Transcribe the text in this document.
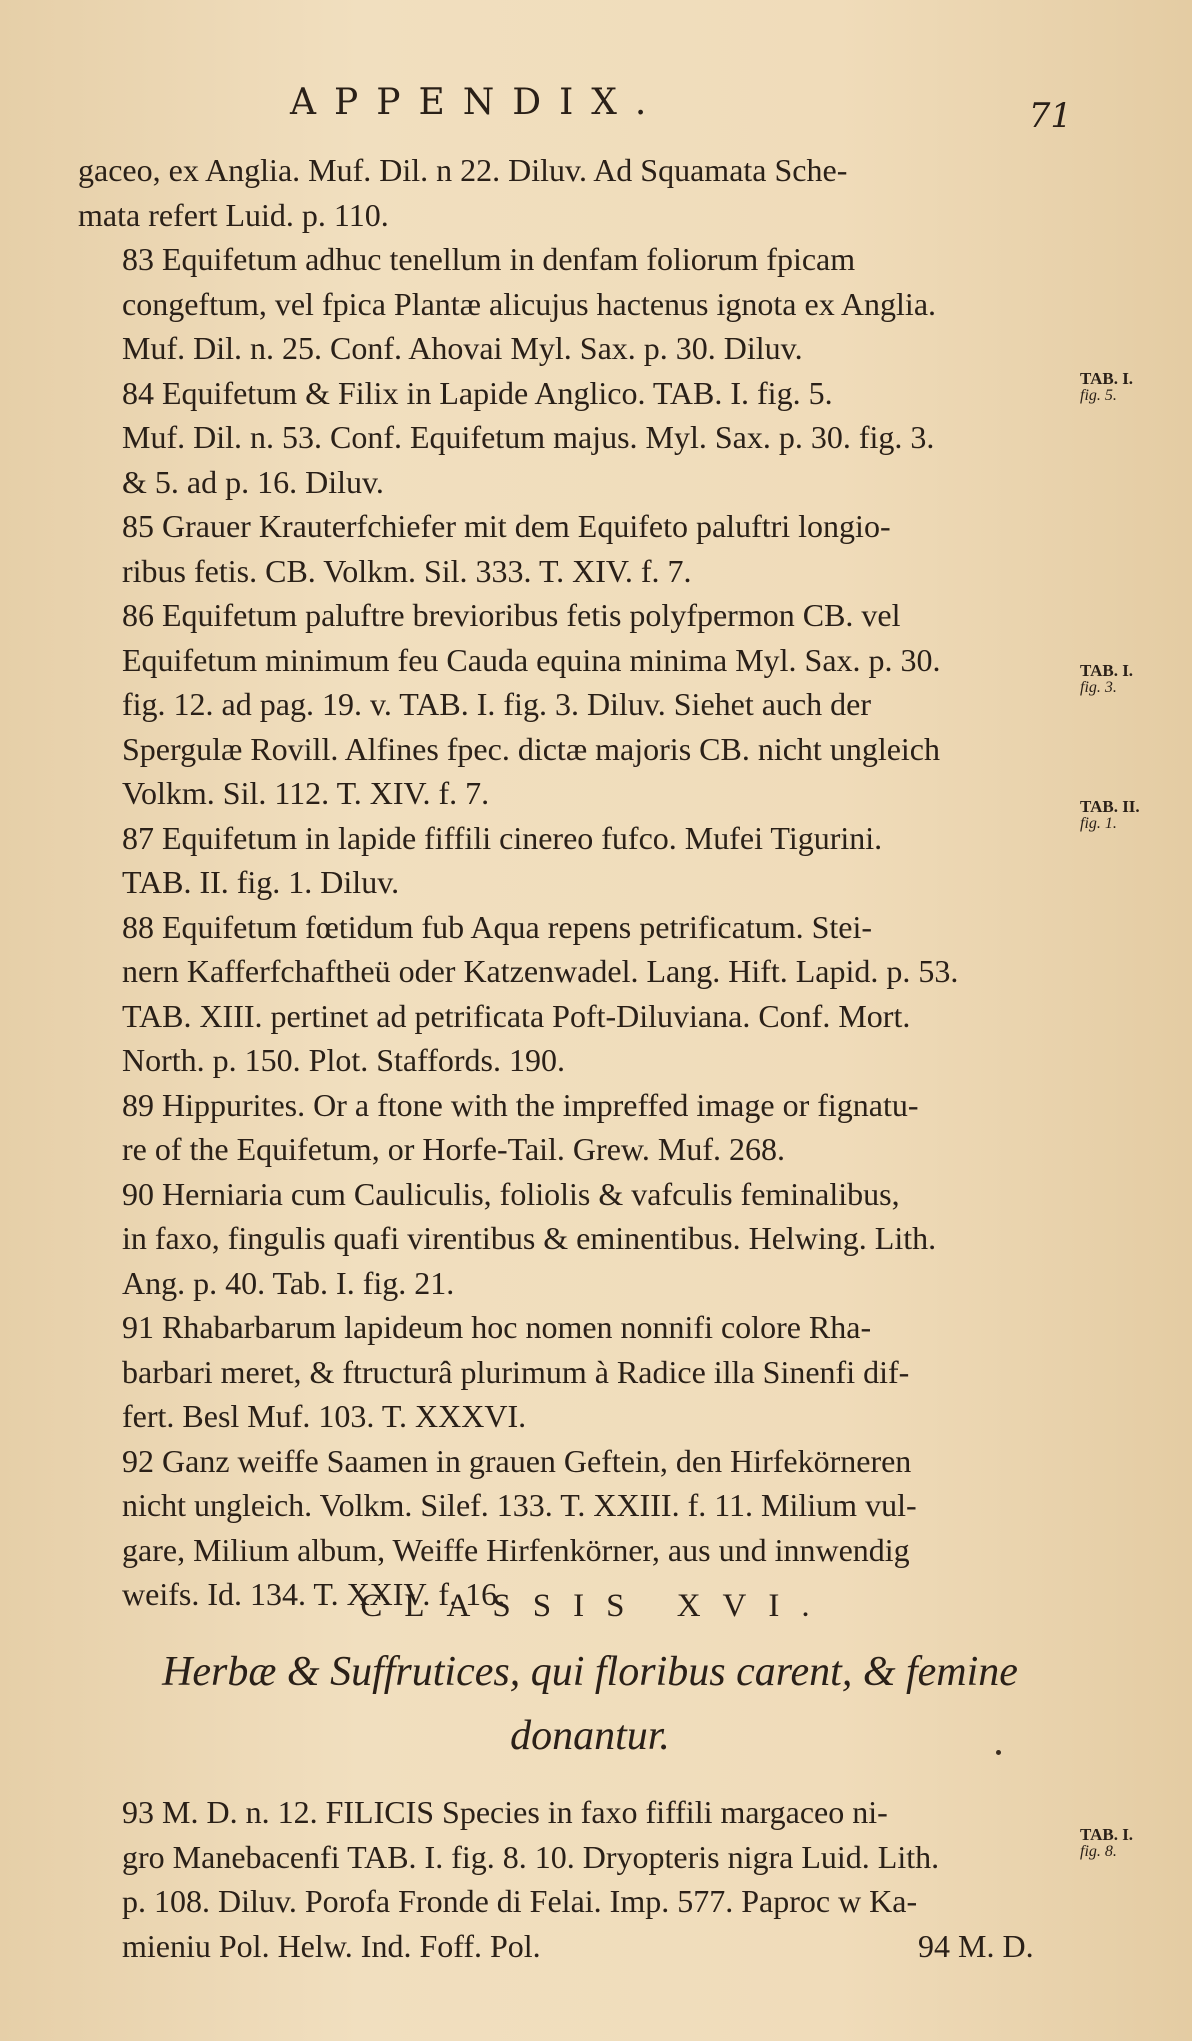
APPENDIX.	71

gaceo, ex Anglia. Muf. Dil. n 22. Diluv. Ad Squamata Sche-
mata refert Luid. p. 110.

83 Equifetum adhuc tenellum in denfam foliorum fpicam
congeftum, vel fpica Plantæ alicujus hactenus ignota ex Anglia.
Muf. Dil. n. 25. Conf. Ahovai Myl. Sax. p. 30. Diluv.

84 Equifetum & Filix in Lapide Anglico. TAB. I. fig. 5.
Muf. Dil. n. 53. Conf. Equifetum majus. Myl. Sax. p. 30. fig. 3.
& 5. ad p. 16. Diluv.

85 Grauer Krauterfchiefer mit dem Equifeto paluftri longio-
ribus fetis. CB. Volkm. Sil. 333. T. XIV. f. 7.

86 Equifetum paluftre brevioribus fetis polyfpermon CB. vel
Equifetum minimum feu Cauda equina minima Myl. Sax. p. 30.
fig. 12. ad pag. 19. v. TAB. I. fig. 3. Diluv. Siehet auch der
Spergulæ Rovill. Alfines fpec. dictæ majoris CB. nicht ungleich
Volkm. Sil. 112. T. XIV. f. 7.

87 Equifetum in lapide fiffili cinereo fufco. Mufei Tigurini.
TAB. II. fig. 1. Diluv.

88 Equifetum fœtidum fub Aqua repens petrificatum. Stei-
nern Kafferfchaftheü oder Katzenwadel. Lang. Hift. Lapid. p. 53.
TAB. XIII. pertinet ad petrificata Poft-Diluviana. Conf. Mort.
North. p. 150. Plot. Staffords. 190.

89 Hippurites. Or a ftone with the impreffed image or fignatu-
re of the Equifetum, or Horfe-Tail. Grew. Muf. 268.

90 Herniaria cum Cauliculis, foliolis & vafculis feminalibus,
in faxo, fingulis quafi virentibus & eminentibus. Helwing. Lith.
Ang. p. 40. Tab. I. fig. 21.

91 Rhabarbarum lapideum hoc nomen nonnifi colore Rha-
barbari meret, & ftructurâ plurimum à Radice illa Sinenfi dif-
fert. Besl Muf. 103. T. XXXVI.

92 Ganz weiffe Saamen in grauen Geftein, den Hirfekörneren
nicht ungleich. Volkm. Silef. 133. T. XXIII. f. 11. Milium vul-
gare, Milium album, Weiffe Hirfenkörner, aus und innwendig
weifs. Id. 134. T. XXIV. f. 16.

TAB. I.
fig. 5.
TAB. I.
fig. 3.
TAB. II.
fig. 1.
TAB. I.
fig. 8.
CLASSIS XVI.
Herbæ & Suffrutices, qui floribus carent, & femine donantur.

93 M. D. n. 12. FILICIS Species in faxo fiffili margaceo ni-
gro Manebacenfi TAB. I. fig. 8. 10. Dryopteris nigra Luid. Lith.
p. 108. Diluv. Porofa Fronde di Felai. Imp. 577. Paproc w Ka-
mieniu Pol. Helw. Ind. Foff. Pol.	94 M. D.
